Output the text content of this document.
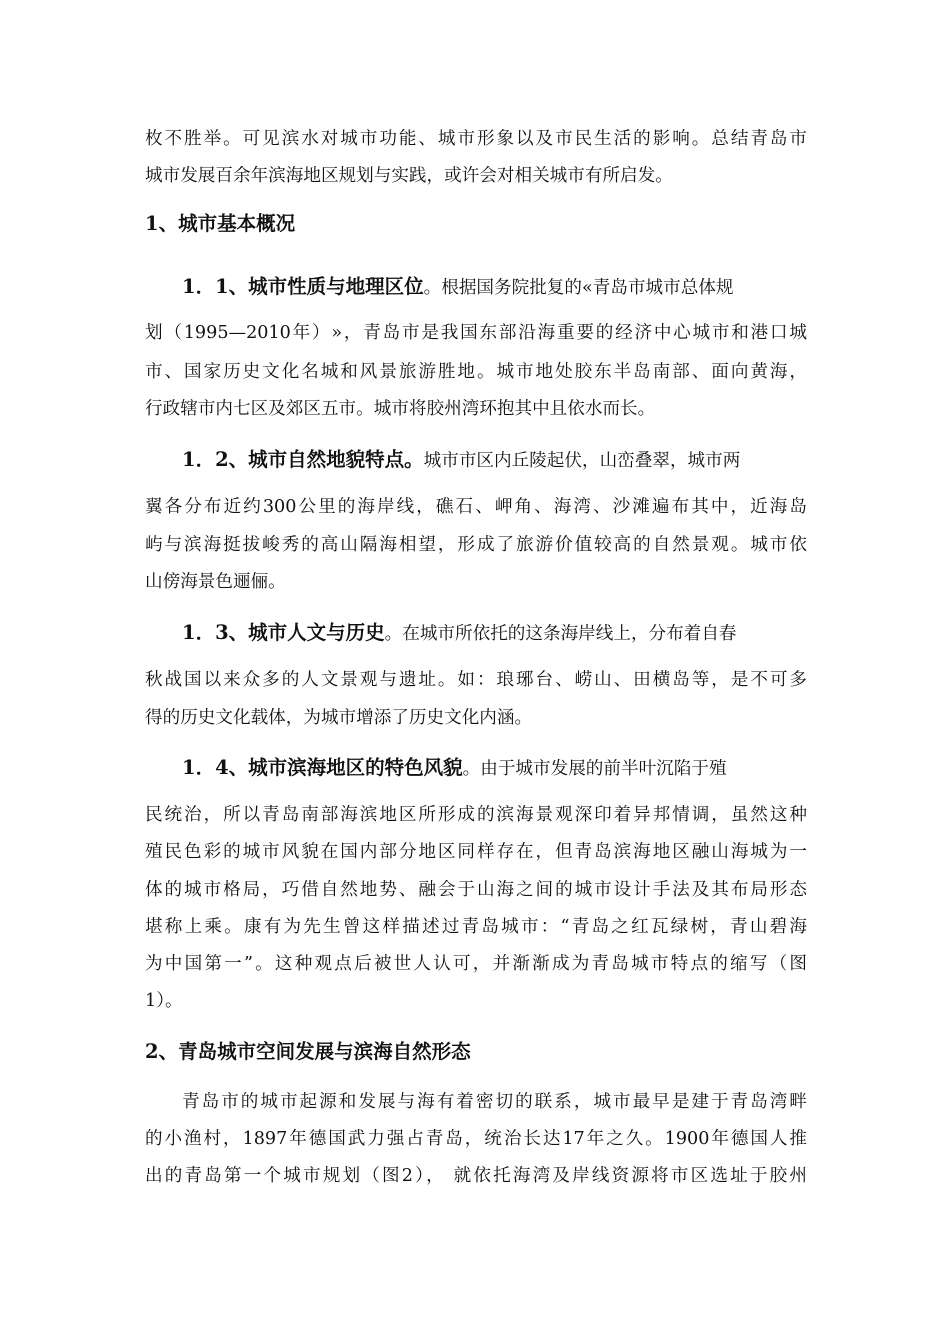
枚不胜举。可见滨水对城市功能、城市形象以及市民生活的影响。总结青岛市
城市发展百余年滨海地区规划与实践，或许会对相关城市有所启发。
1、城市基本概况
1．1、城市性质与地理区位。根据国务院批复的«青岛市城市总体规
划（1995—2010年）»，青岛市是我国东部沿海重要的经济中心城市和港口城
市、国家历史文化名城和风景旅游胜地。城市地处胶东半岛南部、面向黄海，
行政辖市内七区及郊区五市。城市将胶州湾环抱其中且依水而长。
1．2、城市自然地貌特点。城市市区内丘陵起伏，山峦叠翠，城市两
翼各分布近约300公里的海岸线，礁石、岬角、海湾、沙滩遍布其中，近海岛
屿与滨海挺拔峻秀的高山隔海相望，形成了旅游价值较高的自然景观。城市依
山傍海景色逦俪。
1．3、城市人文与历史。在城市所依托的这条海岸线上，分布着自春
秋战国以来众多的人文景观与遗址。如：琅琊台、崂山、田横岛等，是不可多
得的历史文化载体，为城市增添了历史文化内涵。
1．4、城市滨海地区的特色风貌。由于城市发展的前半叶沉陷于殖
民统治，所以青岛南部海滨地区所形成的滨海景观深印着异邦情调，虽然这种
殖民色彩的城市风貌在国内部分地区同样存在，但青岛滨海地区融山海城为一
体的城市格局，巧借自然地势、融会于山海之间的城市设计手法及其布局形态
堪称上乘。康有为先生曾这样描述过青岛城市：“青岛之红瓦绿树，青山碧海
为中国第一”。这种观点后被世人认可，并渐渐成为青岛城市特点的缩写（图
1）。
2、青岛城市空间发展与滨海自然形态
青岛市的城市起源和发展与海有着密切的联系，城市最早是建于青岛湾畔
的小渔村，1897年德国武力强占青岛，统治长达17年之久。1900年德国人推
出的青岛第一个城市规划（图2）， 就依托海湾及岸线资源将市区选址于胶州
